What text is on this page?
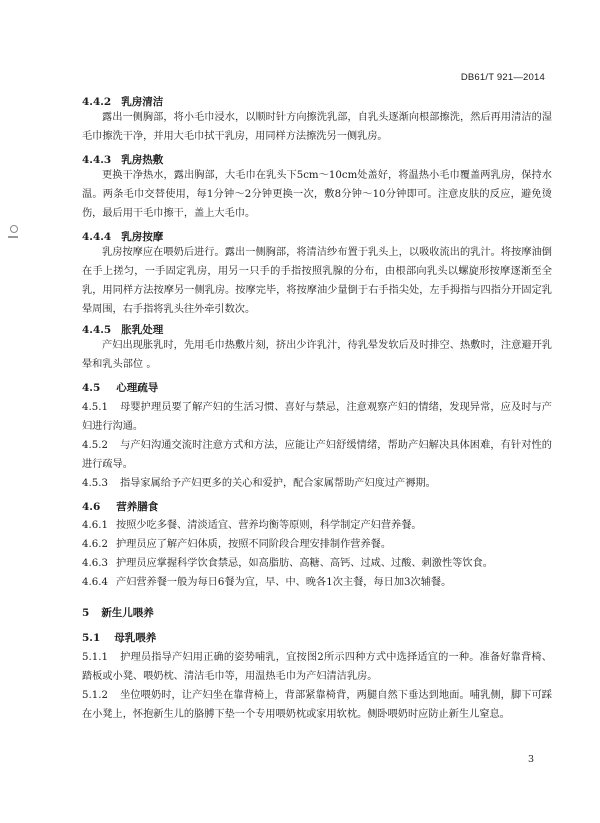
DB61/T 921—2014
4.4.2 乳房清洁
露出一侧胸部，将小毛巾浸水，以顺时针方向擦洗乳部，自乳头逐渐向根部擦洗，然后再用清洁的湿毛巾擦洗干净，并用大毛巾拭干乳房，用同样方法擦洗另一侧乳房。
4.4.3 乳房热敷
更换干净热水，露出胸部，大毛巾在乳头下5cm～10cm处盖好，将温热小毛巾覆盖两乳房，保持水温。两条毛巾交替使用，每1分钟～2分钟更换一次，敷8分钟～10分钟即可。注意皮肤的反应，避免烫伤，最后用干毛巾擦干，盖上大毛巾。
4.4.4 乳房按摩
乳房按摩应在喂奶后进行。露出一侧胸部，将清洁纱布置于乳头上，以吸收流出的乳汁。将按摩油倒在手上搓匀，一手固定乳房，用另一只手的手指按照乳腺的分布，由根部向乳头以螺旋形按摩逐渐至全乳，用同样方法按摩另一侧乳房。按摩完毕，将按摩油少量倒于右手指尖处，左手拇指与四指分开固定乳晕周围，右手指将乳头往外牵引数次。
4.4.5 胀乳处理
产妇出现胀乳时，先用毛巾热敷片刻，挤出少许乳汁，待乳晕发软后及时排空、热敷时，注意避开乳晕和乳头部位 。
4.5 心理疏导
4.5.1 母婴护理员要了解产妇的生活习惯、喜好与禁忌，注意观察产妇的情绪，发现异常，应及时与产妇进行沟通。
4.5.2 与产妇沟通交流时注意方式和方法，应能让产妇舒缓情绪，帮助产妇解决具体困难，有针对性的进行疏导。
4.5.3 指导家属给予产妇更多的关心和爱护，配合家属帮助产妇度过产褥期。
4.6 营养膳食
4.6.1 按照少吃多餐、清淡适宜、营养均衡等原则，科学制定产妇营养餐。
4.6.2 护理员应了解产妇体质，按照不同阶段合理安排制作营养餐。
4.6.3 护理员应掌握科学饮食禁忌，如高脂肪、高糖、高钙、过咸、过酸、刺激性等饮食。
4.6.4 产妇营养餐一般为每日6餐为宜，早、中、晚各1次主餐，每日加3次辅餐。
5 新生儿喂养
5.1 母乳喂养
5.1.1 护理员指导产妇用正确的姿势哺乳，宜按图2所示四种方式中选择适宜的一种。准备好靠背椅、踏板或小凳、喂奶枕、清洁毛巾等，用温热毛巾为产妇清洁乳房。
5.1.2 坐位喂奶时，让产妇坐在靠背椅上，背部紧靠椅背，两腿自然下垂达到地面。哺乳侧，脚下可踩在小凳上，怀抱新生儿的胳膊下垫一个专用喂奶枕或家用软枕。侧卧喂奶时应防止新生儿窒息。
3
